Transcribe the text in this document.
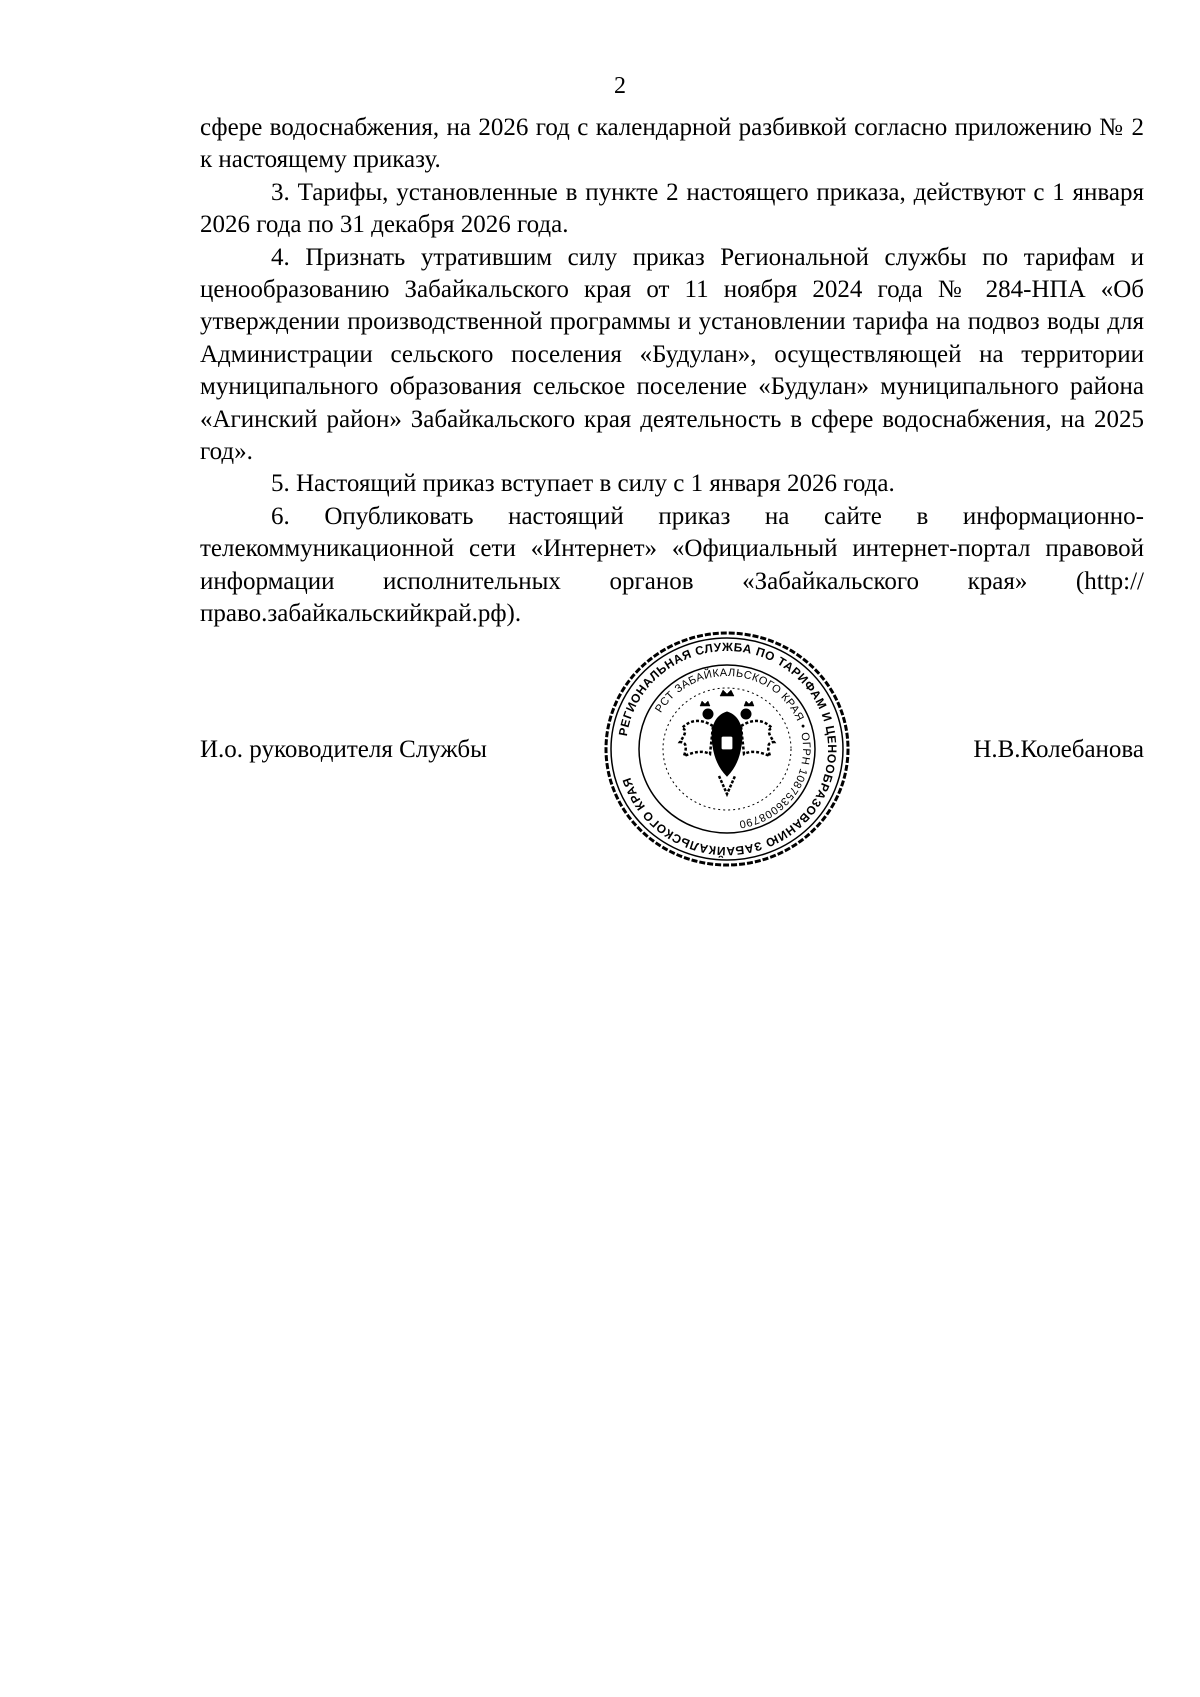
2

сфере водоснабжения, на 2026 год с календарной разбивкой согласно приложению № 2 к настоящему приказу.

3. Тарифы, установленные в пункте 2 настоящего приказа, действуют с 1 января 2026 года по 31 декабря 2026 года.

4. Признать утратившим силу приказ Региональной службы по тарифам и ценообразованию Забайкальского края от 11 ноября 2024 года № 284-НПА «Об утверждении производственной программы и установлении тарифа на подвоз воды для Администрации сельского поселения «Будулан», осуществляющей на территории муниципального образования сельское поселение «Будулан» муниципального района «Агинский район» Забайкальского края деятельность в сфере водоснабжения, на 2025 год».

5. Настоящий приказ вступает в силу с 1 января 2026 года.

6. Опубликовать настоящий приказ на сайте в информационно-телекоммуникационной сети «Интернет» «Официальный интернет-портал правовой информации исполнительных органов «Забайкальского края» (http://право.забайкальскийкрай.рф).

И.о. руководителя Службы	Н.В.Колебанова
РЕГИОНАЛЬНАЯ СЛУЖБА ПО ТАРИФАМ И ЦЕНООБРАЗОВАНИЮ ЗАБАЙКАЛЬСКОГО КРАЯ
РСТ ЗАБАЙКАЛЬСКОГО КРАЯ • ОГРН 1087536008790
